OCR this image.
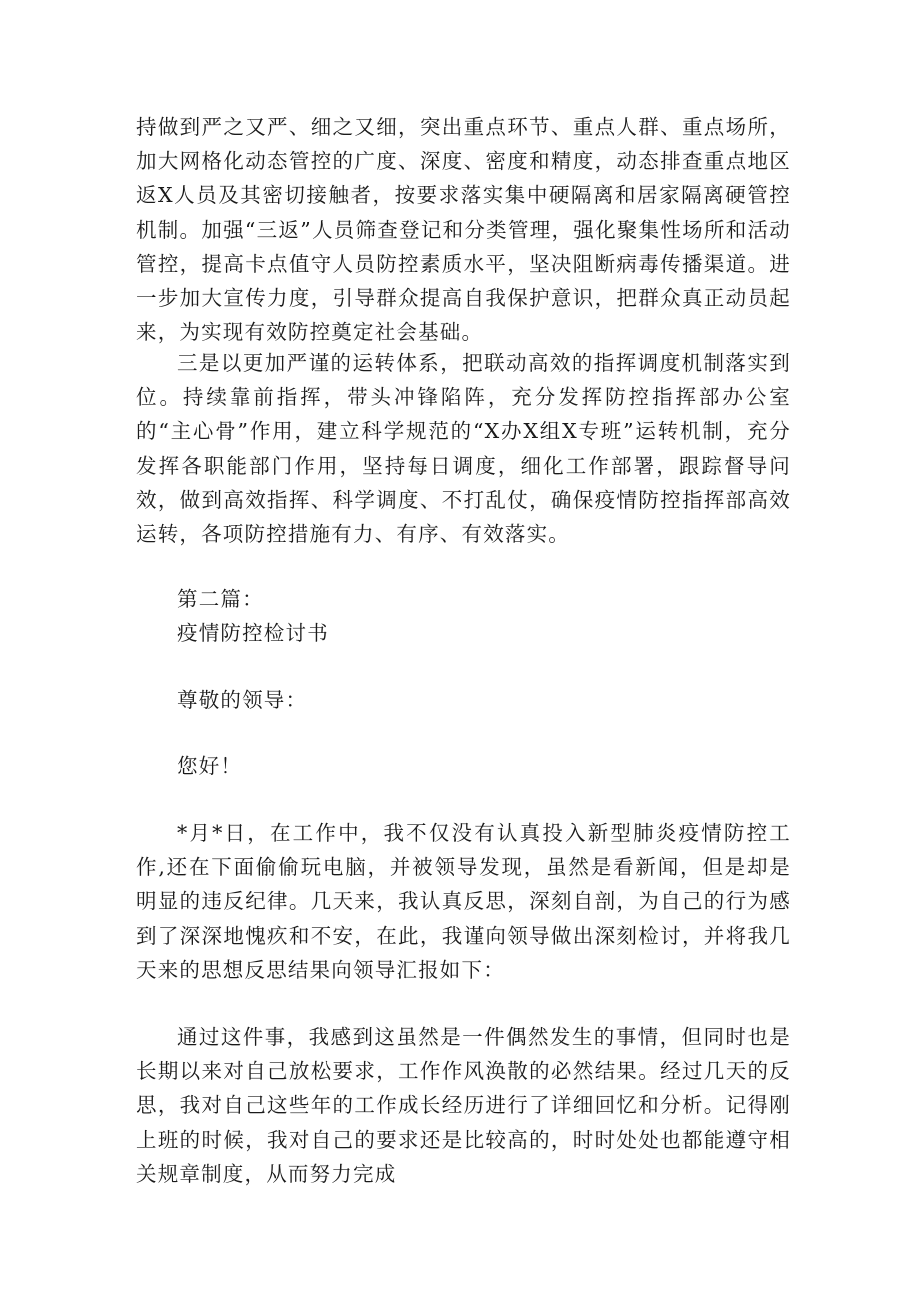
持做到严之又严、细之又细，突出重点环节、重点人群、重点场所，加大网格化动态管控的广度、深度、密度和精度，动态排查重点地区返X人员及其密切接触者，按要求落实集中硬隔离和居家隔离硬管控机制。加强“三返”人员筛查登记和分类管理，强化聚集性场所和活动管控，提高卡点值守人员防控素质水平，坚决阻断病毒传播渠道。进一步加大宣传力度，引导群众提高自我保护意识，把群众真正动员起来，为实现有效防控奠定社会基础。

三是以更加严谨的运转体系，把联动高效的指挥调度机制落实到位。持续靠前指挥，带头冲锋陷阵，充分发挥防控指挥部办公室的“主心骨”作用，建立科学规范的“X办X组X专班”运转机制，充分发挥各职能部门作用，坚持每日调度，细化工作部署，跟踪督导问效，做到高效指挥、科学调度、不打乱仗，确保疫情防控指挥部高效运转，各项防控措施有力、有序、有效落实。

第二篇：

疫情防控检讨书

尊敬的领导：

您好！

*月*日，在工作中，我不仅没有认真投入新型肺炎疫情防控工作,还在下面偷偷玩电脑，并被领导发现，虽然是看新闻，但是却是明显的违反纪律。几天来，我认真反思，深刻自剖，为自己的行为感到了深深地愧疚和不安，在此，我谨向领导做出深刻检讨，并将我几天来的思想反思结果向领导汇报如下：

通过这件事，我感到这虽然是一件偶然发生的事情，但同时也是长期以来对自己放松要求，工作作风涣散的必然结果。经过几天的反思，我对自己这些年的工作成长经历进行了详细回忆和分析。记得刚上班的时候，我对自己的要求还是比较高的，时时处处也都能遵守相关规章制度，从而努力完成
